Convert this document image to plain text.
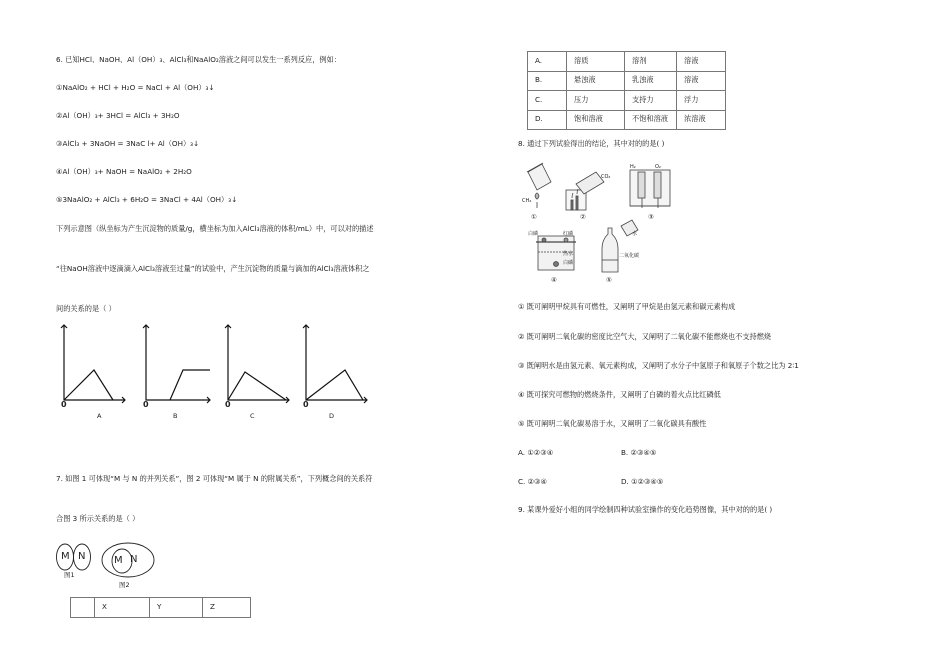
6. 已知HCl、NaOH、Al（OH）₃、AlCl₃和NaAlO₂溶液之间可以发生一系列反应，例如：
①NaAlO₂ + HCl + H₂O = NaCl + Al（OH）₃↓
②Al（OH）₃+ 3HCl = AlCl₃ + 3H₂O
③AlCl₃ + 3NaOH = 3NaC l+ Al（OH）₃↓
④Al（OH）₃+ NaOH = NaAlO₂ + 2H₂O
⑤3NaAlO₂ + AlCl₃ + 6H₂O = 3NaCl + 4Al（OH）₃↓
下列示意图（纵坐标为产生沉淀物的质量/g，横坐标为加入AlCl₃溶液的体积/mL）中，可以对的描述
“往NaOH溶液中逐滴滴入AlCl₃溶液至过量”的试验中，产生沉淀物的质量与滴加的AlCl₃溶液体积之
间的关系的是（ ）
0
A
0
B
0
C
0
D
7. 如图 1 可体现“M 与 N 的并列关系”，图 2 可体现“M 属于 N 的附属关系”，下列概念间的关系符
合图 3 所示关系的是（ ）
M N
图1
M N
图2
	X	Y	Z
A.	溶质	溶剂	溶液
B.	悬浊液	乳浊液	溶液
C.	压力	支持力	浮力
D.	饱和溶液	不饱和溶液	浓溶液
8. 通过下列试验得出的结论，其中对的的是( )
CH₄
CO₂
H₂	O₂
白磷	红磷
热水
白磷
水
二氧化碳
①	②	③
④	⑤
① 既可阐明甲烷具有可燃性，又阐明了甲烷是由氢元素和碳元素构成
② 既可阐明二氧化碳的密度比空气大，又阐明了二氧化碳不能燃烧也不支持燃烧
③ 既阐明水是由氢元素、氧元素构成，又阐明了水分子中氢原子和氧原子个数之比为 2∶1
④ 既可探究可燃物的燃烧条件，又阐明了白磷的着火点比红磷低
⑤ 既可阐明二氧化碳易溶于水，又阐明了二氧化碳具有酸性
A. ①②③④	B. ②③④⑤
C. ②③④	D. ①②③④⑤
9. 某课外爱好小组的同学绘制四种试验室操作的变化趋势图像，其中对的的是( )
